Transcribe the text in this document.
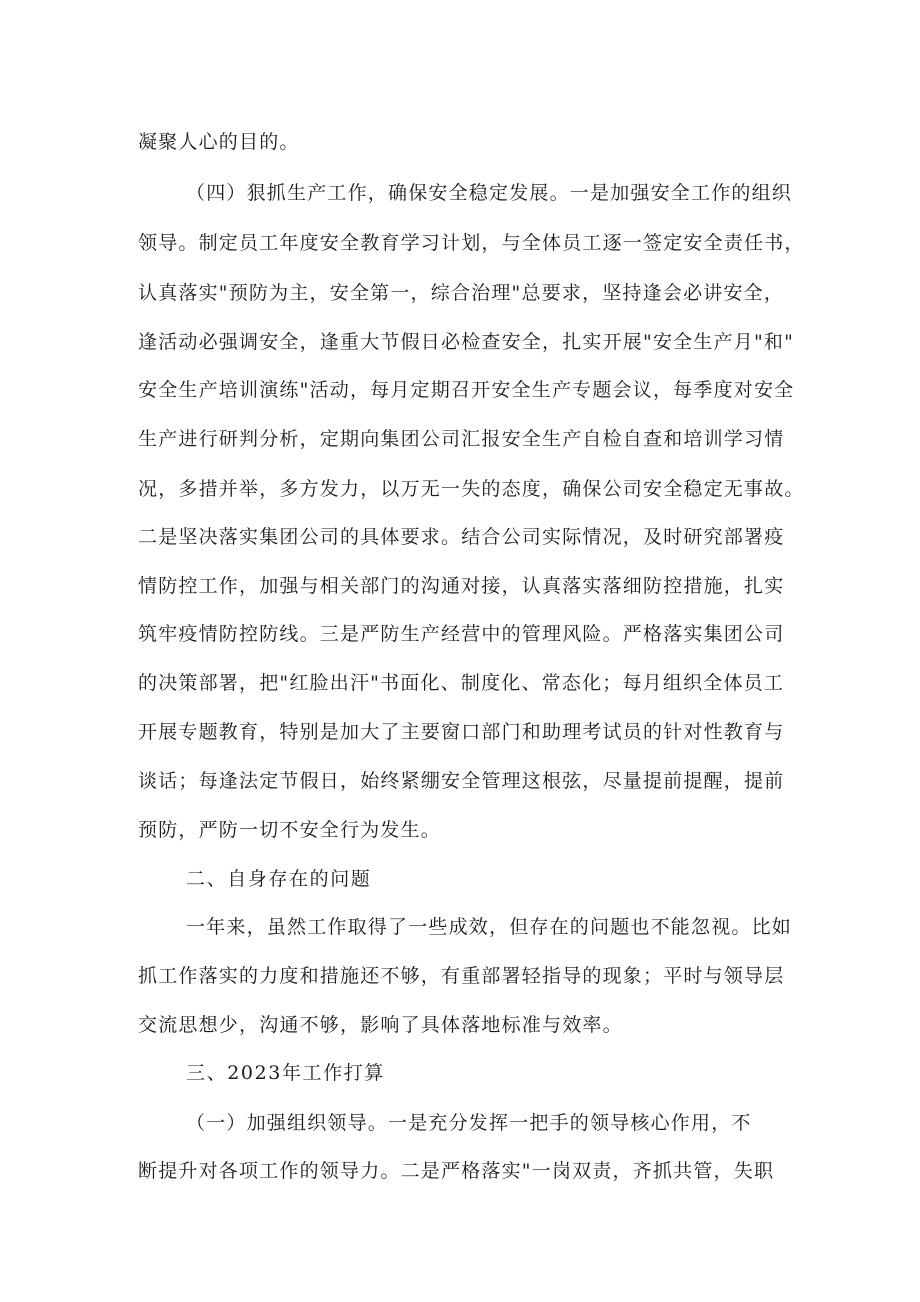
凝聚人心的目的。
（四）狠抓生产工作，确保安全稳定发展。一是加强安全工作的组织
领导。制定员工年度安全教育学习计划，与全体员工逐一签定安全责任书，
认真落实"预防为主，安全第一，综合治理"总要求，坚持逢会必讲安全，
逢活动必强调安全，逢重大节假日必检查安全，扎实开展"安全生产月"和"
安全生产培训演练"活动，每月定期召开安全生产专题会议，每季度对安全
生产进行研判分析，定期向集团公司汇报安全生产自检自查和培训学习情
况，多措并举，多方发力，以万无一失的态度，确保公司安全稳定无事故。
二是坚决落实集团公司的具体要求。结合公司实际情况，及时研究部署疫
情防控工作，加强与相关部门的沟通对接，认真落实落细防控措施，扎实
筑牢疫情防控防线。三是严防生产经营中的管理风险。严格落实集团公司
的决策部署，把"红脸出汗"书面化、制度化、常态化；每月组织全体员工
开展专题教育，特别是加大了主要窗口部门和助理考试员的针对性教育与
谈话；每逢法定节假日，始终紧绷安全管理这根弦，尽量提前提醒，提前
预防，严防一切不安全行为发生。
二、自身存在的问题
一年来，虽然工作取得了一些成效，但存在的问题也不能忽视。比如
抓工作落实的力度和措施还不够，有重部署轻指导的现象；平时与领导层
交流思想少，沟通不够，影响了具体落地标准与效率。
三、2023年工作打算
（一）加强组织领导。一是充分发挥一把手的领导核心作用，不
断提升对各项工作的领导力。二是严格落实"一岗双责，齐抓共管，失职
